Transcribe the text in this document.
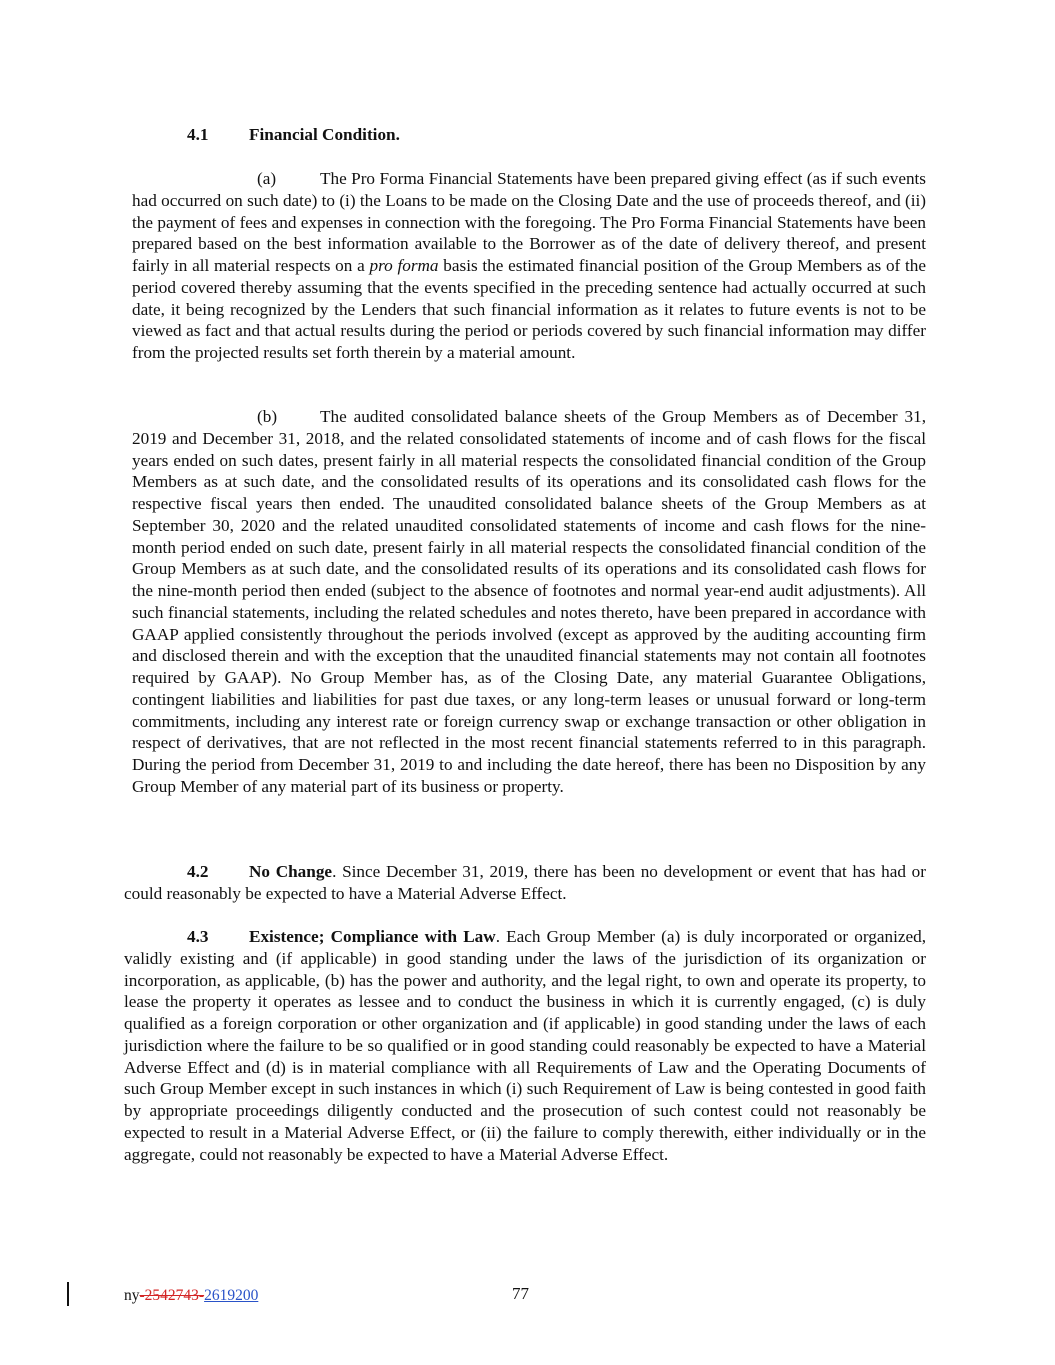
4.1 Financial Condition.

(a)	The Pro Forma Financial Statements have been prepared giving effect (as if such events had occurred on such date) to (i) the Loans to be made on the Closing Date and the use of proceeds thereof, and (ii) the payment of fees and expenses in connection with the foregoing. The Pro Forma Financial Statements have been prepared based on the best information available to the Borrower as of the date of delivery thereof, and present fairly in all material respects on a pro forma basis the estimated financial position of the Group Members as of the period covered thereby assuming that the events specified in the preceding sentence had actually occurred at such date, it being recognized by the Lenders that such financial information as it relates to future events is not to be viewed as fact and that actual results during the period or periods covered by such financial information may differ from the projected results set forth therein by a material amount.

(b) The audited consolidated balance sheets of the Group Members as of December 31, 2019 and December 31, 2018, and the related consolidated statements of income and of cash flows for the fiscal years ended on such dates, present fairly in all material respects the consolidated financial condition of the Group Members as at such date, and the consolidated results of its operations and its consolidated cash flows for the respective fiscal years then ended. The unaudited consolidated balance sheets of the Group Members as at September 30, 2020 and the related unaudited consolidated statements of income and cash flows for the nine-month period ended on such date, present fairly in all material respects the consolidated financial condition of the Group Members as at such date, and the consolidated results of its operations and its consolidated cash flows for the nine-month period then ended (subject to the absence of footnotes and normal year-end audit adjustments). All such financial statements, including the related schedules and notes thereto, have been prepared in accordance with GAAP applied consistently throughout the periods involved (except as approved by the auditing accounting firm and disclosed therein and with the exception that the unaudited financial statements may not contain all footnotes required by GAAP). No Group Member has, as of the Closing Date, any material Guarantee Obligations, contingent liabilities and liabilities for past due taxes, or any long-term leases or unusual forward or long-term commitments, including any interest rate or foreign currency swap or exchange transaction or other obligation in respect of derivatives, that are not reflected in the most recent financial statements referred to in this paragraph. During the period from December 31, 2019 to and including the date hereof, there has been no Disposition by any Group Member of any material part of its business or property.

4.2 No Change. Since December 31, 2019, there has been no development or event that has had or could reasonably be expected to have a Material Adverse Effect.

4.3 Existence; Compliance with Law. Each Group Member (a) is duly incorporated or organized, validly existing and (if applicable) in good standing under the laws of the jurisdiction of its organization or incorporation, as applicable, (b) has the power and authority, and the legal right, to own and operate its property, to lease the property it operates as lessee and to conduct the business in which it is currently engaged, (c) is duly qualified as a foreign corporation or other organization and (if applicable) in good standing under the laws of each jurisdiction where the failure to be so qualified or in good standing could reasonably be expected to have a Material Adverse Effect and (d) is in material compliance with all Requirements of Law and the Operating Documents of such Group Member except in such instances in which (i) such Requirement of Law is being contested in good faith by appropriate proceedings diligently conducted and the prosecution of such contest could not reasonably be expected to result in a Material Adverse Effect, or (ii) the failure to comply therewith, either individually or in the aggregate, could not reasonably be expected to have a Material Adverse Effect.

ny-2542743-2619200	77
